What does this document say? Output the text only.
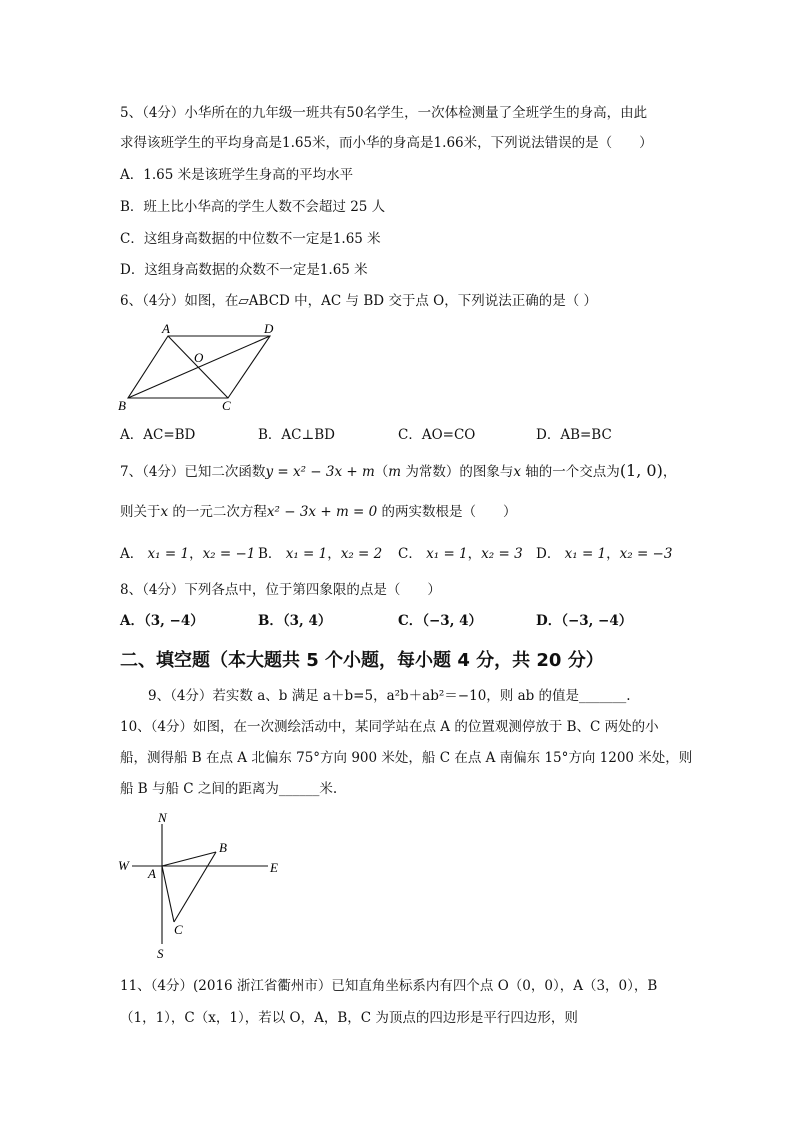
5、（4分）小华所在的九年级一班共有50名学生，一次体检测量了全班学生的身高，由此
求得该班学生的平均身高是1.65米，而小华的身高是1.66米，下列说法错误的是（　　）
A．1.65 米是该班学生身高的平均水平
B．班上比小华高的学生人数不会超过 25 人
C．这组身高数据的中位数不一定是1.65 米
D．这组身高数据的众数不一定是1.65 米
6、（4分）如图，在▱ABCD 中，AC 与 BD 交于点 O，下列说法正确的是（ ）
A	D
O
B	C
A．AC=BD	B．AC⊥BD	C．AO=CO	D．AB=BC
7、（4分）已知二次函数y = x² − 3x + m（m 为常数）的图象与x 轴的一个交点为(1, 0)，
则关于x 的一元二次方程x² − 3x + m = 0 的两实数根是（　　）
A． x₁ = 1，x₂ = −1 B． x₁ = 1，x₂ = 2 C． x₁ = 1，x₂ = 3 D． x₁ = 1，x₂ = −3
8、（4分）下列各点中，位于第四象限的点是（　　）
A．（3, −4）	B．（3, 4）	C．（−3, 4）	D．（−3, −4）
二、填空题（本大题共 5 个小题，每小题 4 分，共 20 分）
9、（4分）若实数 a、b 满足 a＋b=5，a²b＋ab²＝−10，则 ab 的值是_______.
10、（4分）如图，在一次测绘活动中，某同学站在点 A 的位置观测停放于 B、C 两处的小
船，测得船 B 在点 A 北偏东 75°方向 900 米处，船 C 在点 A 南偏东 15°方向 1200 米处，则
船 B 与船 C 之间的距离为______米.
N
S
W	E
A
B
C
11、（4分）(2016 浙江省衢州市）已知直角坐标系内有四个点 O（0，0），A（3，0），B
（1，1），C（x，1），若以 O，A，B，C 为顶点的四边形是平行四边形，则
